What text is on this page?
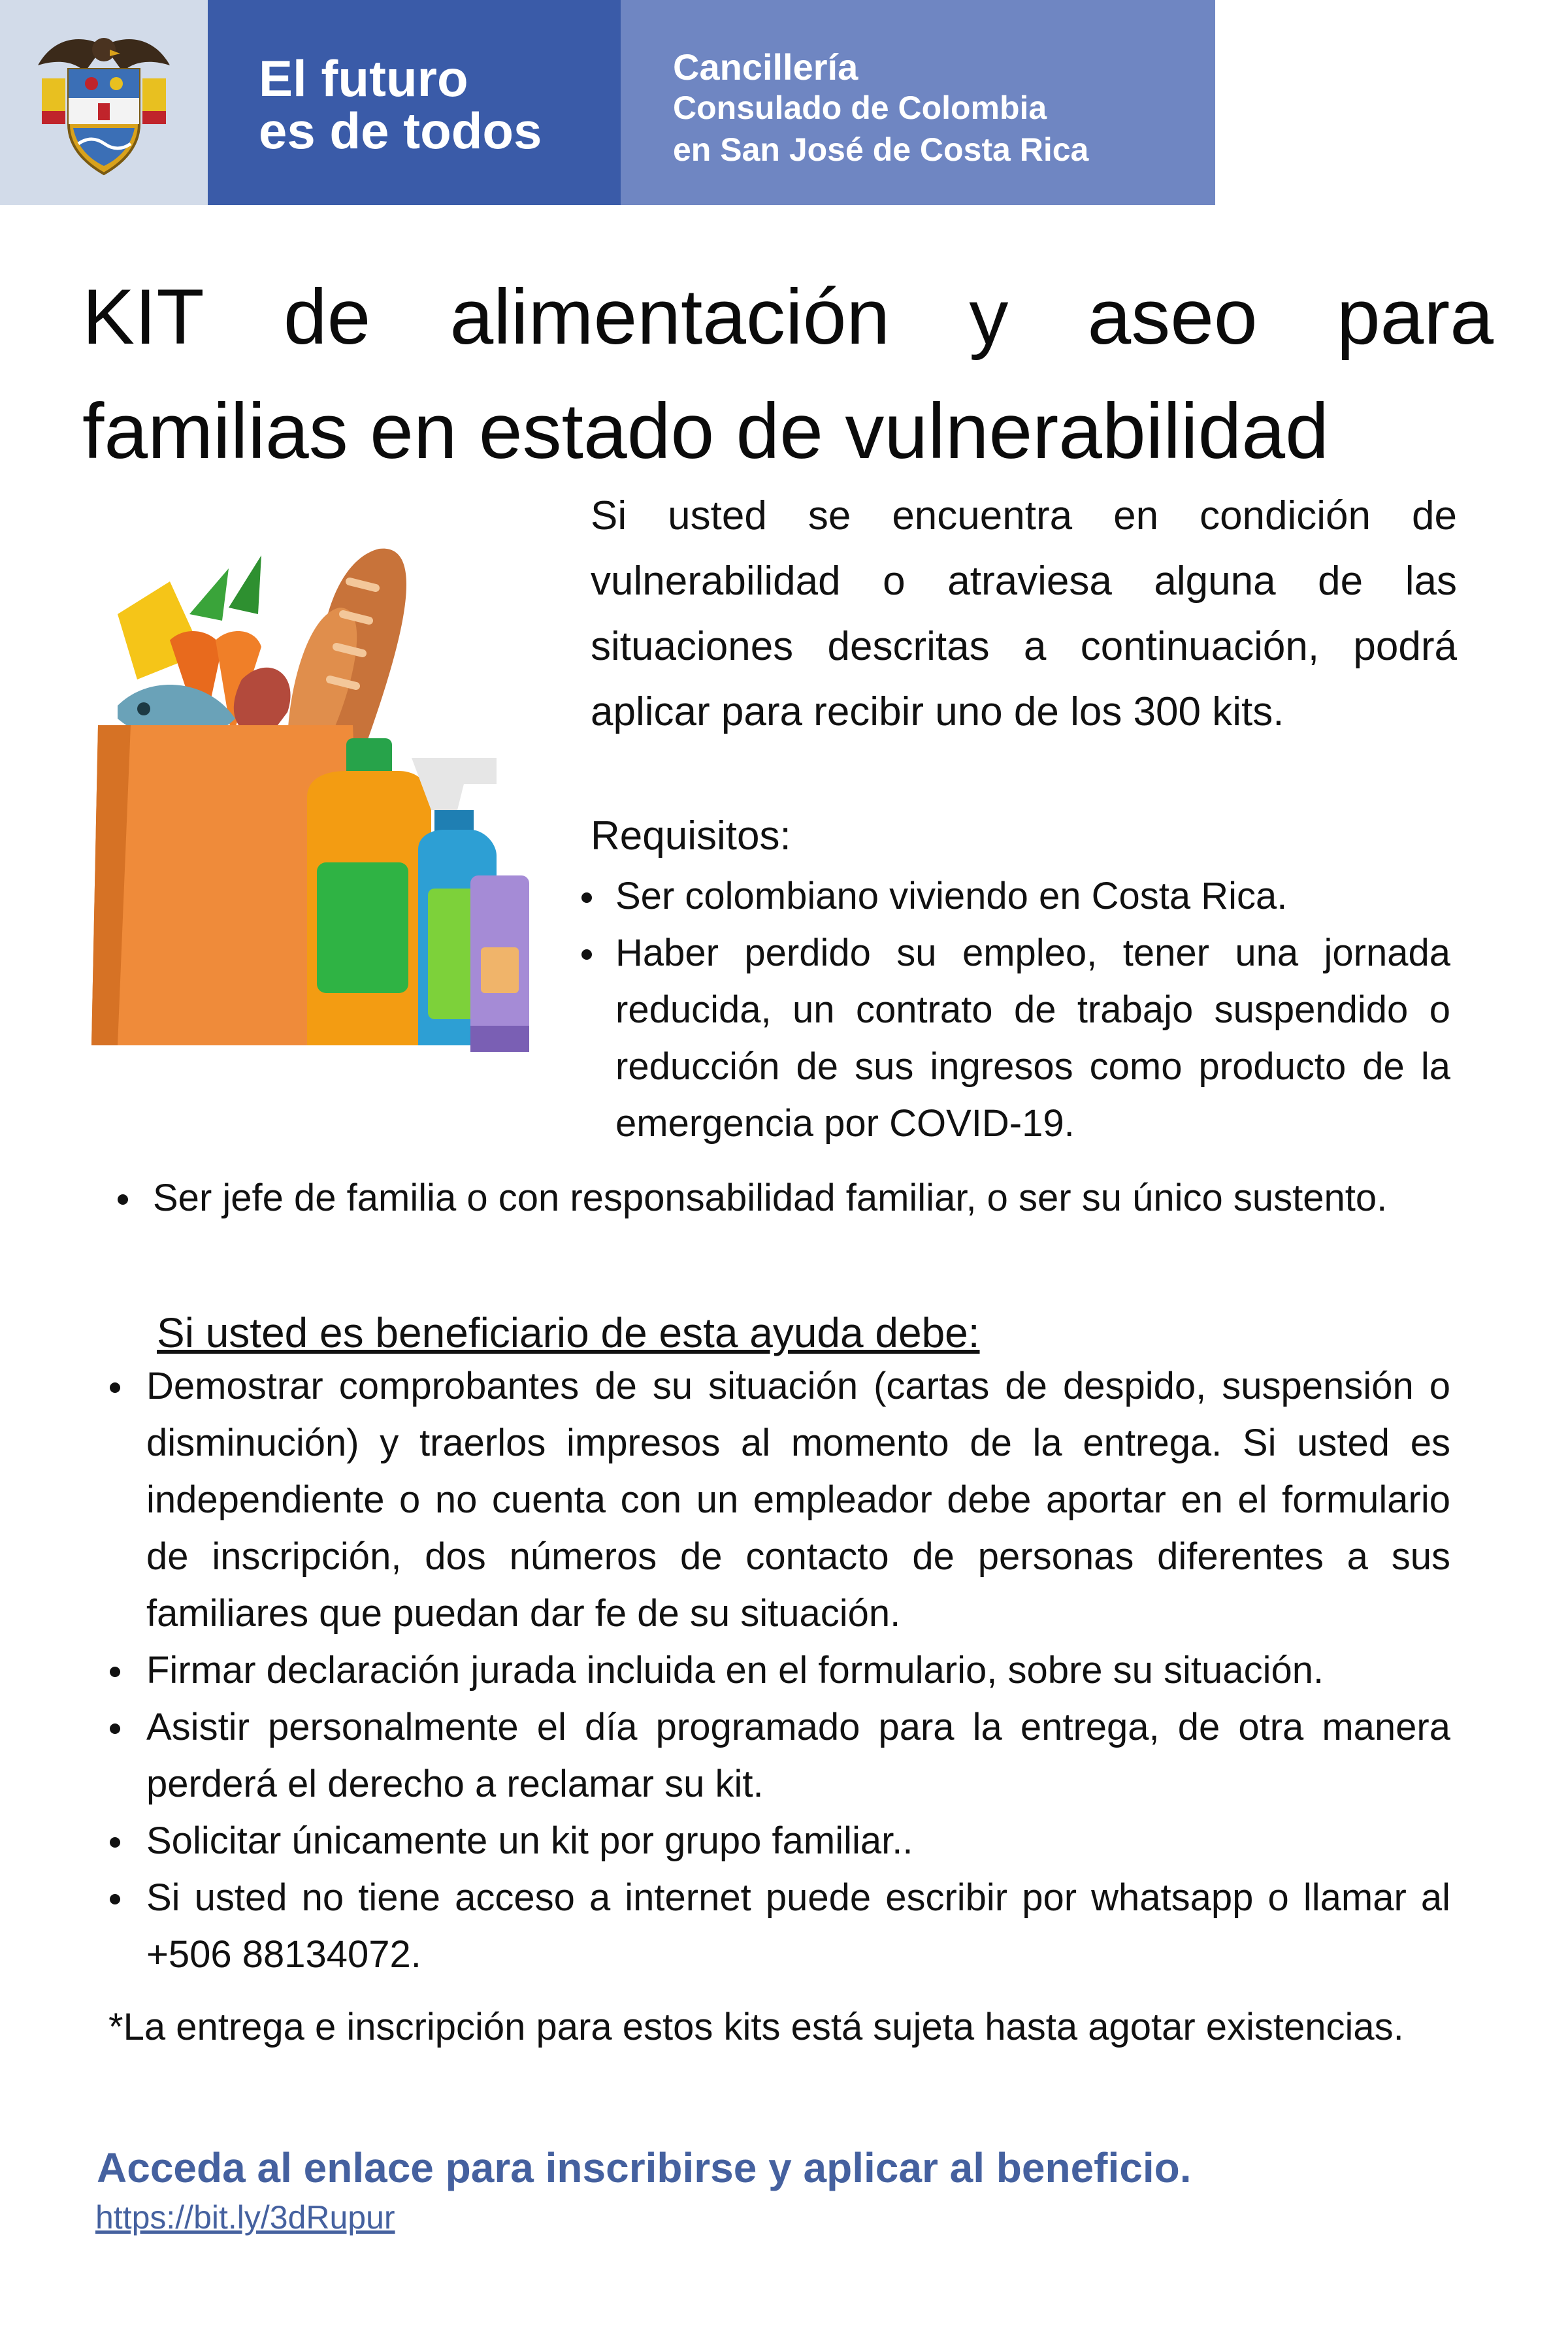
El futuro
es de todos
Cancillería
Consulado de Colombia
en San José de Costa Rica
KIT de alimentación y aseo para
familias en estado de vulnerabilidad
Si usted se encuentra en condición de vulnerabilidad o atraviesa alguna de las situaciones descritas a continuación, podrá aplicar para recibir uno de los 300 kits.
Requisitos:
Ser colombiano viviendo en Costa Rica.
Haber perdido su empleo, tener una jornada reducida, un contrato de trabajo suspendido o reducción de sus ingresos como producto de la emergencia por COVID-19.
Ser jefe de familia o con responsabilidad familiar, o ser su único sustento.
Si usted es beneficiario de esta ayuda debe:
Demostrar comprobantes de su situación (cartas de despido, suspensión o disminución) y traerlos impresos al momento de la entrega. Si usted es independiente o no cuenta con un empleador debe aportar en el formulario de inscripción, dos números de contacto de personas diferentes a sus familiares que puedan dar fe de su situación.
Firmar declaración jurada incluida en el formulario, sobre su situación.
Asistir personalmente el día programado para la entrega, de otra manera perderá el derecho a reclamar su kit.
Solicitar únicamente un kit por grupo familiar..
Si usted no tiene acceso a internet puede escribir por whatsapp o llamar al +506 88134072.
*La entrega e inscripción para estos kits está sujeta hasta agotar existencias.
Acceda al enlace para inscribirse y aplicar al beneficio.
https://bit.ly/3dRupur
